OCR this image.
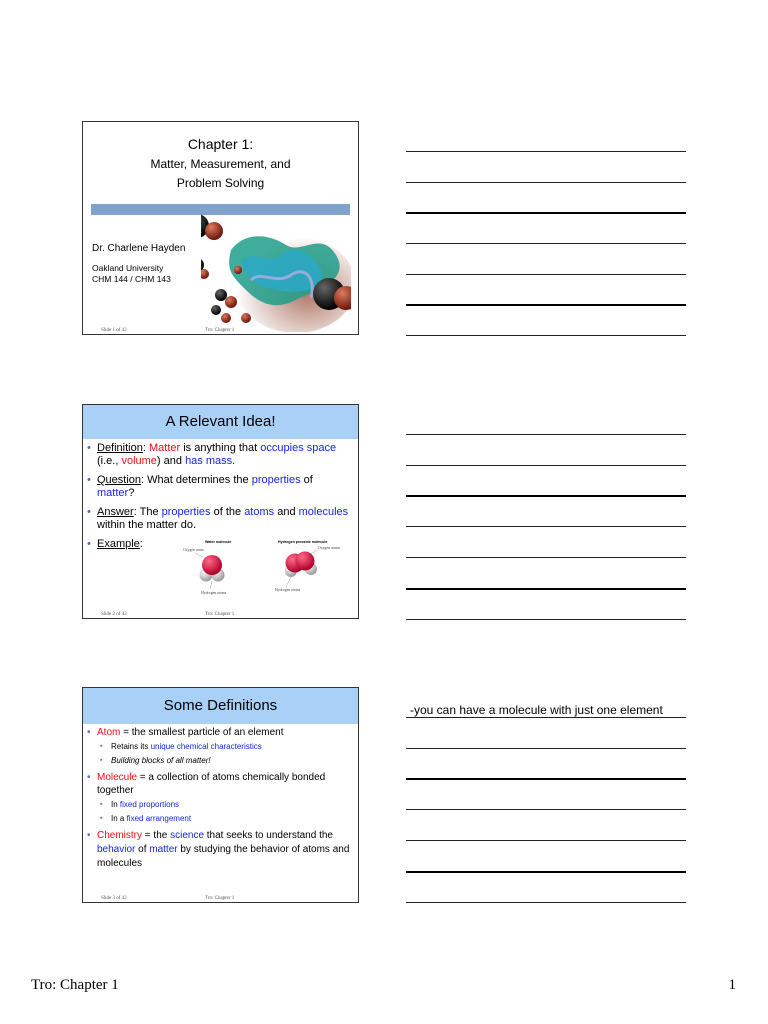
Chapter 1:
Matter, Measurement, and
Problem Solving
Dr. Charlene Hayden
Oakland University
CHM 144 / CHM 143
Slide 1 of 42	Tro: Chapter 1
A Relevant Idea!
• Definition: Matter is anything that occupies space (i.e., volume) and has mass.
• Question: What determines the properties of matter?
• Answer: The properties of the atoms and molecules within the matter do.
• Example:	Water molecule
Oxygen atom
Hydrogen atoms
Hydrogen peroxide molecule
Oxygen atoms
Hydrogen atoms
Slide 2 of 42	Tro: Chapter 1
Some Definitions
• Atom = the smallest particle of an element
▪ Retains its unique chemical characteristics
▪ Building blocks of all matter!
• Molecule = a collection of atoms chemically bonded together
▪ In fixed proportions
▪ In a fixed arrangement
• Chemistry = the science that seeks to understand the behavior of matter by studying the behavior of atoms and molecules
Slide 3 of 42	Tro: Chapter 1
-you can have a molecule with just one element
Tro: Chapter 1	1
